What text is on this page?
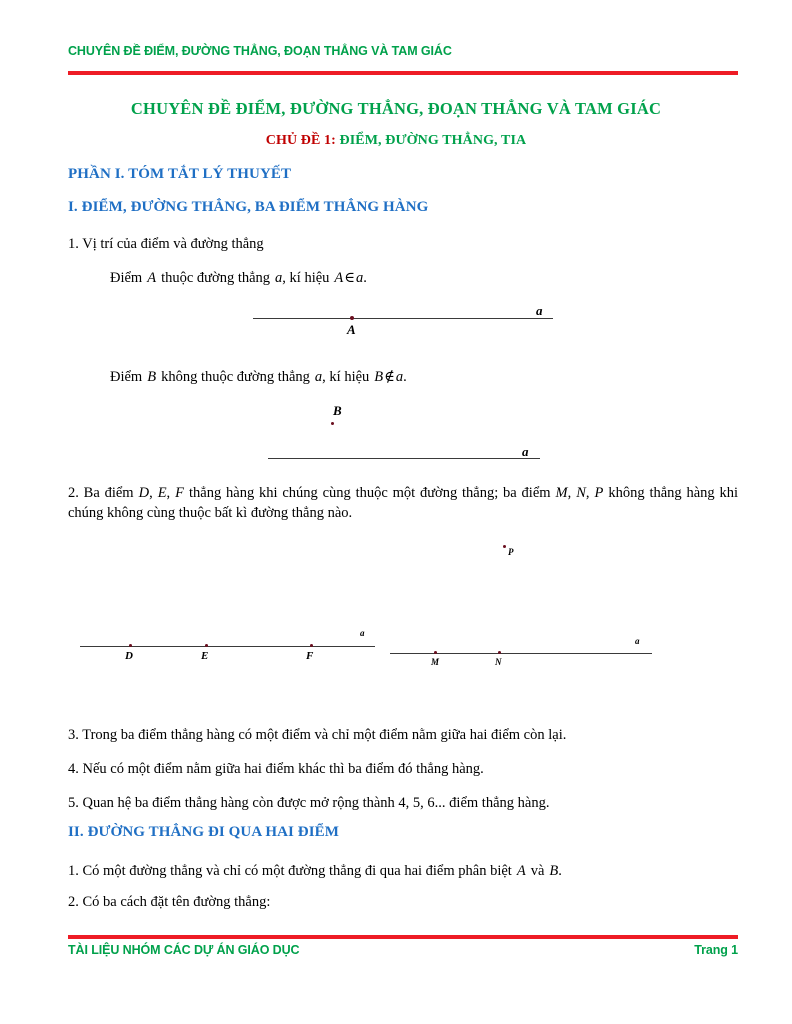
CHUYÊN ĐỀ ĐIỂM, ĐƯỜNG THẲNG, ĐOẠN THẲNG VÀ TAM GIÁC
CHUYÊN ĐỀ ĐIỂM, ĐƯỜNG THẲNG, ĐOẠN THẲNG VÀ TAM GIÁC
CHỦ ĐỀ 1: ĐIỂM, ĐƯỜNG THẲNG, TIA
PHẦN I. TÓM TẮT LÝ THUYẾT
I. ĐIỂM, ĐƯỜNG THẲNG, BA ĐIỂM THẲNG HÀNG
1. Vị trí của điểm và đường thẳng
Điểm A thuộc đường thẳng a, kí hiệu A∈a.
A
a
Điểm B không thuộc đường thẳng a, kí hiệu B∉a.
B
a
2. Ba điểm D, E, F thẳng hàng khi chúng cùng thuộc một đường thẳng; ba điểm M, N, P không thẳng hàng khi chúng không cùng thuộc bất kì đường thẳng nào.
P
D	E	F
a
M	N
a
3. Trong ba điểm thẳng hàng có một điểm và chỉ một điểm nằm giữa hai điểm còn lại.
4. Nếu có một điểm nằm giữa hai điểm khác thì ba điểm đó thẳng hàng.
5. Quan hệ ba điểm thẳng hàng còn được mở rộng thành 4, 5, 6... điểm thẳng hàng.
II. ĐƯỜNG THẲNG ĐI QUA HAI ĐIỂM
1. Có một đường thẳng và chỉ có một đường thẳng đi qua hai điểm phân biệt A và B.
2. Có ba cách đặt tên đường thẳng:
TÀI LIỆU NHÓM CÁC DỰ ÁN GIÁO DỤC	Trang 1
